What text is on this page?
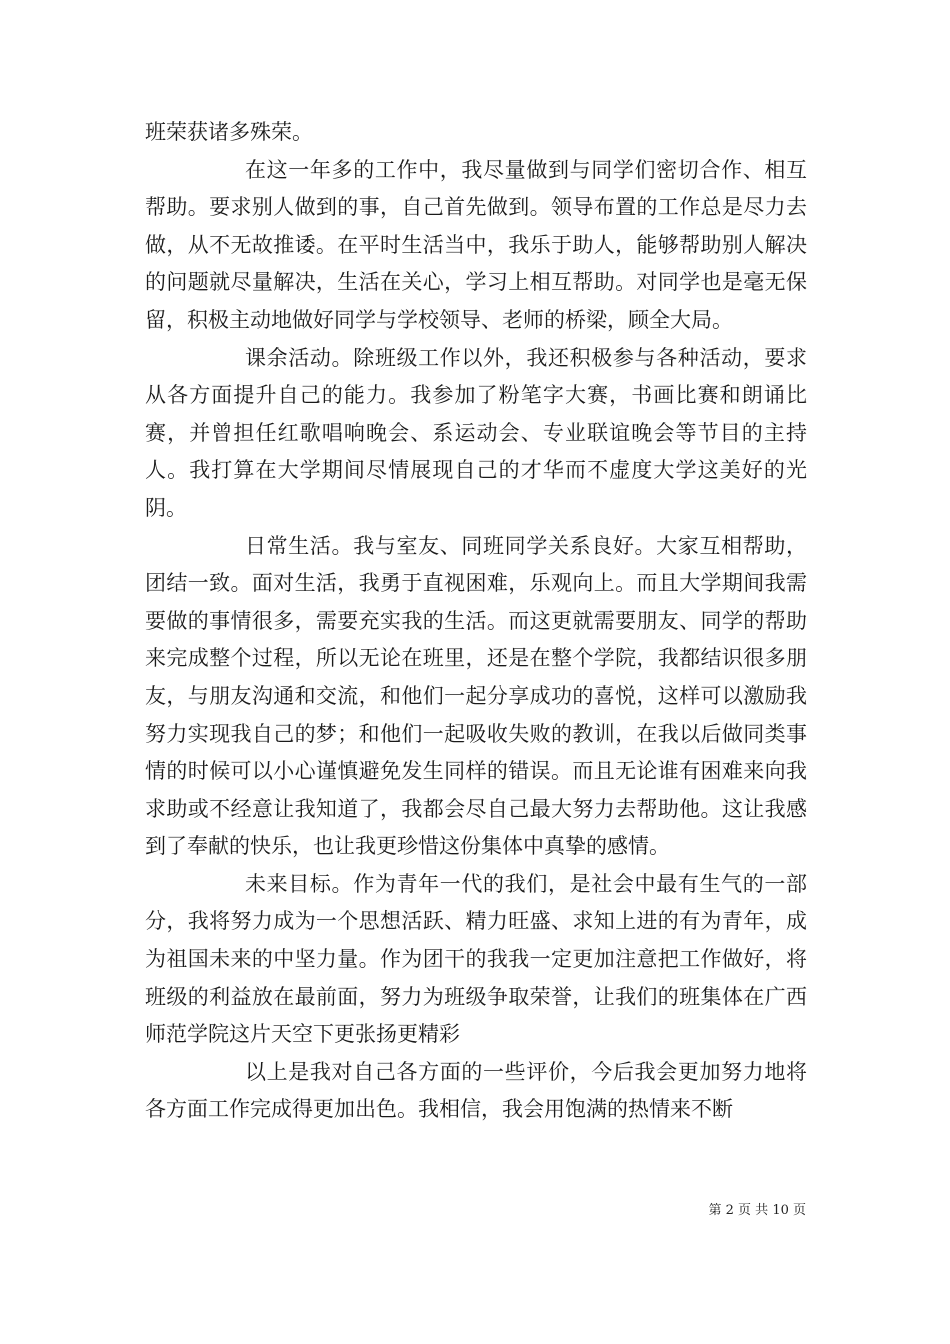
班荣获诸多殊荣。

在这一年多的工作中，我尽量做到与同学们密切合作、相互帮助。要求别人做到的事，自己首先做到。领导布置的工作总是尽力去做，从不无故推诿。在平时生活当中，我乐于助人，能够帮助别人解决的问题就尽量解决，生活在关心，学习上相互帮助。对同学也是毫无保留，积极主动地做好同学与学校领导、老师的桥梁，顾全大局。

课余活动。除班级工作以外，我还积极参与各种活动，要求从各方面提升自己的能力。我参加了粉笔字大赛，书画比赛和朗诵比赛，并曾担任红歌唱响晚会、系运动会、专业联谊晚会等节目的主持人。我打算在大学期间尽情展现自己的才华而不虚度大学这美好的光阴。

日常生活。我与室友、同班同学关系良好。大家互相帮助，团结一致。面对生活，我勇于直视困难，乐观向上。而且大学期间我需要做的事情很多，需要充实我的生活。而这更就需要朋友、同学的帮助来完成整个过程，所以无论在班里，还是在整个学院，我都结识很多朋友，与朋友沟通和交流，和他们一起分享成功的喜悦，这样可以激励我努力实现我自己的梦；和他们一起吸收失败的教训，在我以后做同类事情的时候可以小心谨慎避免发生同样的错误。而且无论谁有困难来向我求助或不经意让我知道了，我都会尽自己最大努力去帮助他。这让我感到了奉献的快乐，也让我更珍惜这份集体中真挚的感情。

未来目标。作为青年一代的我们，是社会中最有生气的一部分，我将努力成为一个思想活跃、精力旺盛、求知上进的有为青年，成为祖国未来的中坚力量。作为团干的我我一定更加注意把工作做好，将班级的利益放在最前面，努力为班级争取荣誉，让我们的班集体在广西师范学院这片天空下更张扬更精彩

以上是我对自己各方面的一些评价，今后我会更加努力地将各方面工作完成得更加出色。我相信，我会用饱满的热情来不断

第 2 页 共 10 页
